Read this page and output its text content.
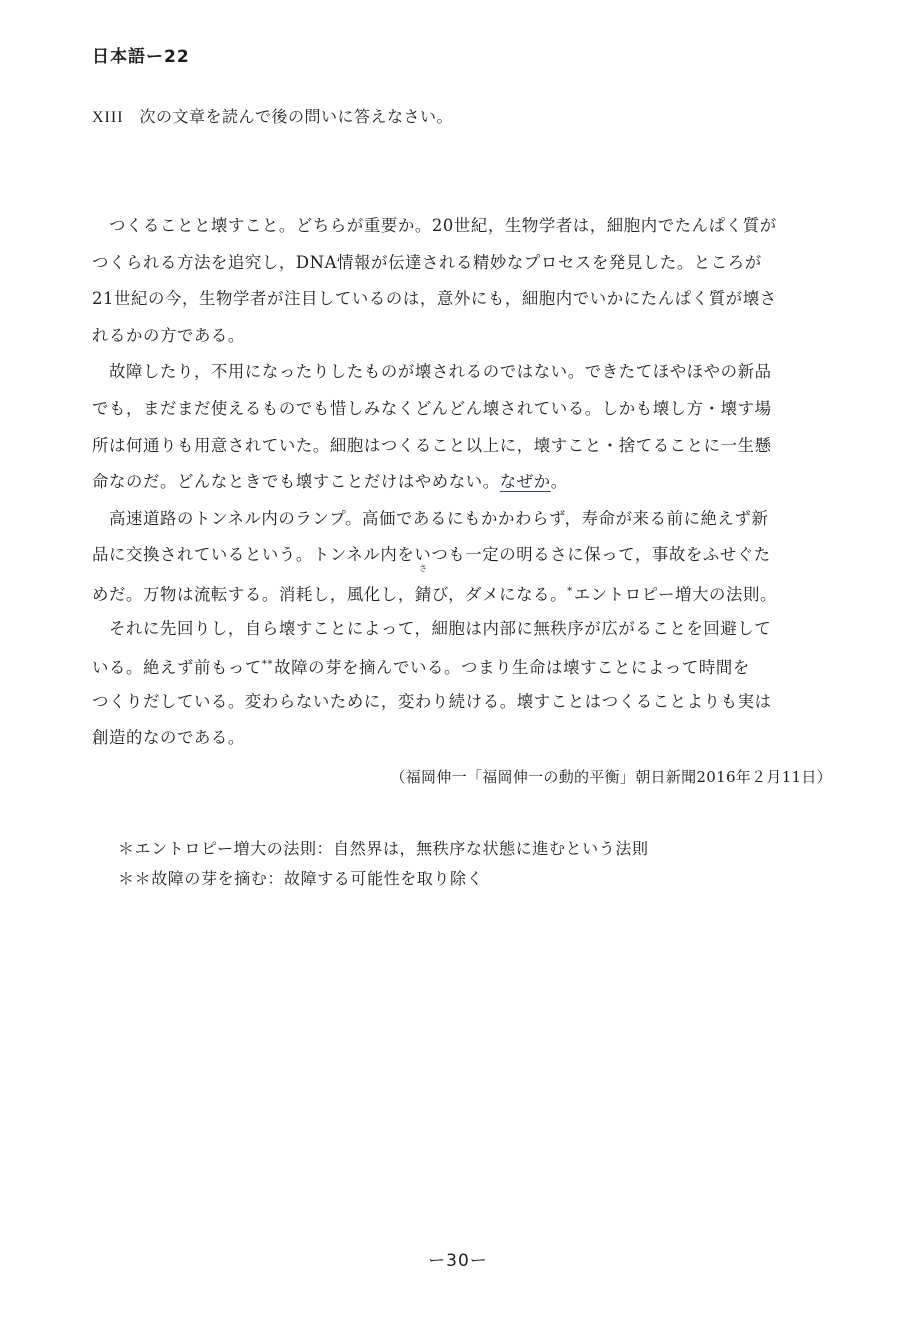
日本語ー22
XIII 次の文章を読んで後の問いに答えなさい。
　つくることと壊すこと。どちらが重要か。20世紀，生物学者は，細胞内でたんぱく質が
つくられる方法を追究し，DNA情報が伝達される精妙なプロセスを発見した。ところが
21世紀の今，生物学者が注目しているのは，意外にも，細胞内でいかにたんぱく質が壊さ
れるかの方である。
　故障したり，不用になったりしたものが壊されるのではない。できたてほやほやの新品
でも，まだまだ使えるものでも惜しみなくどんどん壊されている。しかも壊し方・壊す場
所は何通りも用意されていた。細胞はつくること以上に，壊すこと・捨てることに一生懸
命なのだ。どんなときでも壊すことだけはやめない。なぜか。
　高速道路のトンネル内のランプ。高価であるにもかかわらず，寿命が来る前に絶えず新
品に交換されているという。トンネル内をいつも一定の明るさに保って，事故をふせぐた
めだ。万物は流転する。消耗し，風化し，
さ
錆び，ダメになる。*エントロピー増大の法則。
　それに先回りし，自ら壊すことによって，細胞は内部に無秩序が広がることを回避して
いる。絶えず前もって**故障の芽を摘んでいる。つまり生命は壊すことによって時間を
つくりだしている。変わらないために，変わり続ける。壊すことはつくることよりも実は
創造的なのである。
（福岡伸一「福岡伸一の動的平衡」朝日新聞2016年２月11日）
＊エントロピー増大の法則：自然界は，無秩序な状態に進むという法則
＊＊故障の芽を摘む：故障する可能性を取り除く
ー30ー
